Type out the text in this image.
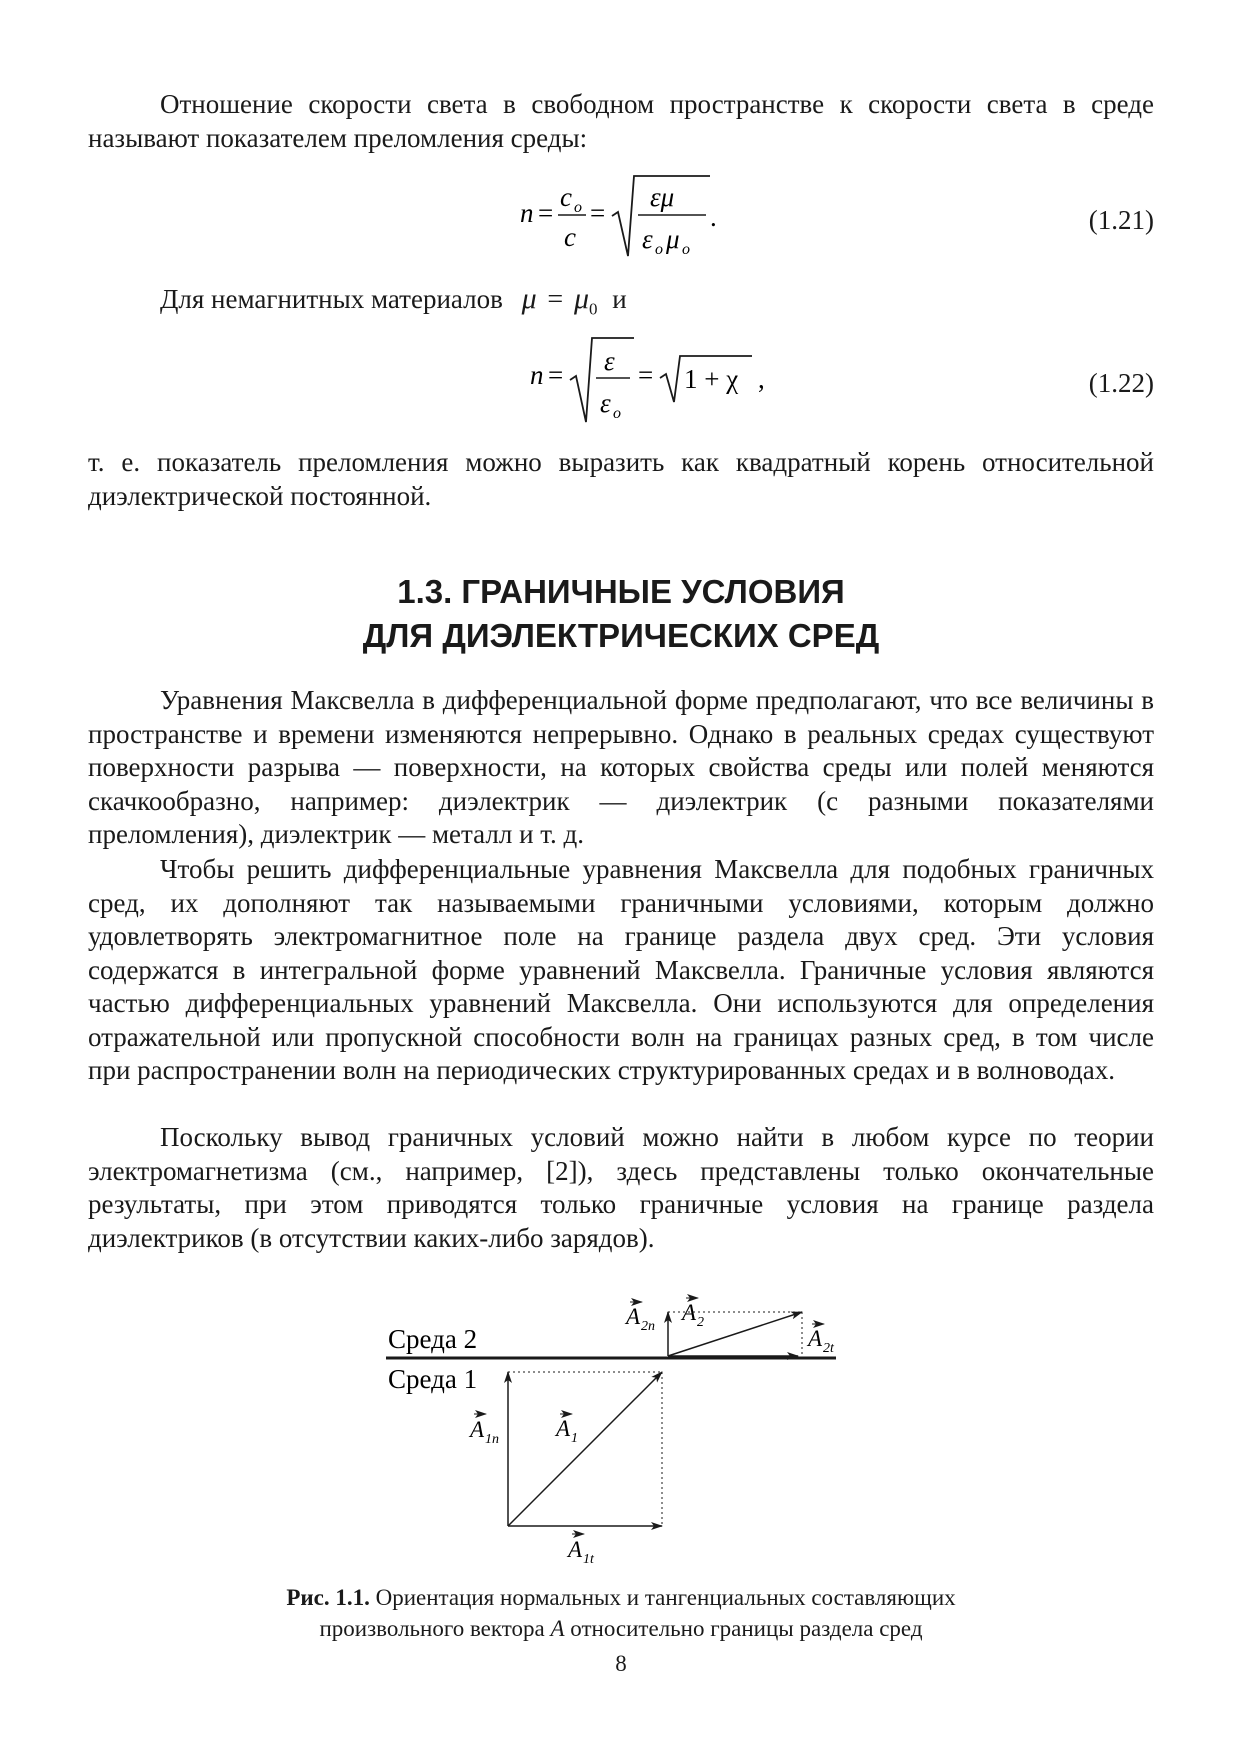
Отношение скорости света в свободном пространстве к скорости света в среде называют показателем преломления среды:

n =
c o
c
=
εμ
ε o μ o
.	(1.21)
Для немагнитных материалов $\mu = \mu_0$ и
n = ε
ε o
= 1 + χ ,	(1.22)

т. е. показатель преломления можно выразить как квадратный корень относительной диэлектрической постоянной.

1.3. ГРАНИЧНЫЕ УСЛОВИЯ
ДЛЯ ДИЭЛЕКТРИЧЕСКИХ СРЕД

Уравнения Максвелла в дифференциальной форме предполагают, что все величины в пространстве и времени изменяются непрерывно. Однако в реальных средах существуют поверхности разрыва — поверхности, на которых свойства среды или полей меняются скачкообразно, например: диэлектрик — диэлектрик (с разными показателями преломления), диэлектрик — металл и т. д.

Чтобы решить дифференциальные уравнения Максвелла для подобных граничных сред, их дополняют так называемыми граничными условиями, которым должно удовлетворять электромагнитное поле на границе раздела двух сред. Эти условия содержатся в интегральной форме уравнений Максвелла. Граничные условия являются частью дифференциальных уравнений Максвелла. Они используются для определения отражательной или пропускной способности волн на границах разных сред, в том числе при распространении волн на периодических структурированных средах и в волноводах.

Поскольку вывод граничных условий можно найти в любом курсе по теории электромагнетизма (см., например, [2]), здесь представлены только окончательные результаты, при этом приводятся только граничные условия на границе раздела диэлектриков (в отсутствии каких-либо зарядов).

Среда 2
Среда 1
A 1n A 1
A 1t
A 2n
A 2
A 2t
Рис. 1.1. Ориентация нормальных и тангенциальных составляющих
произвольного вектора A относительно границы раздела сред
8
